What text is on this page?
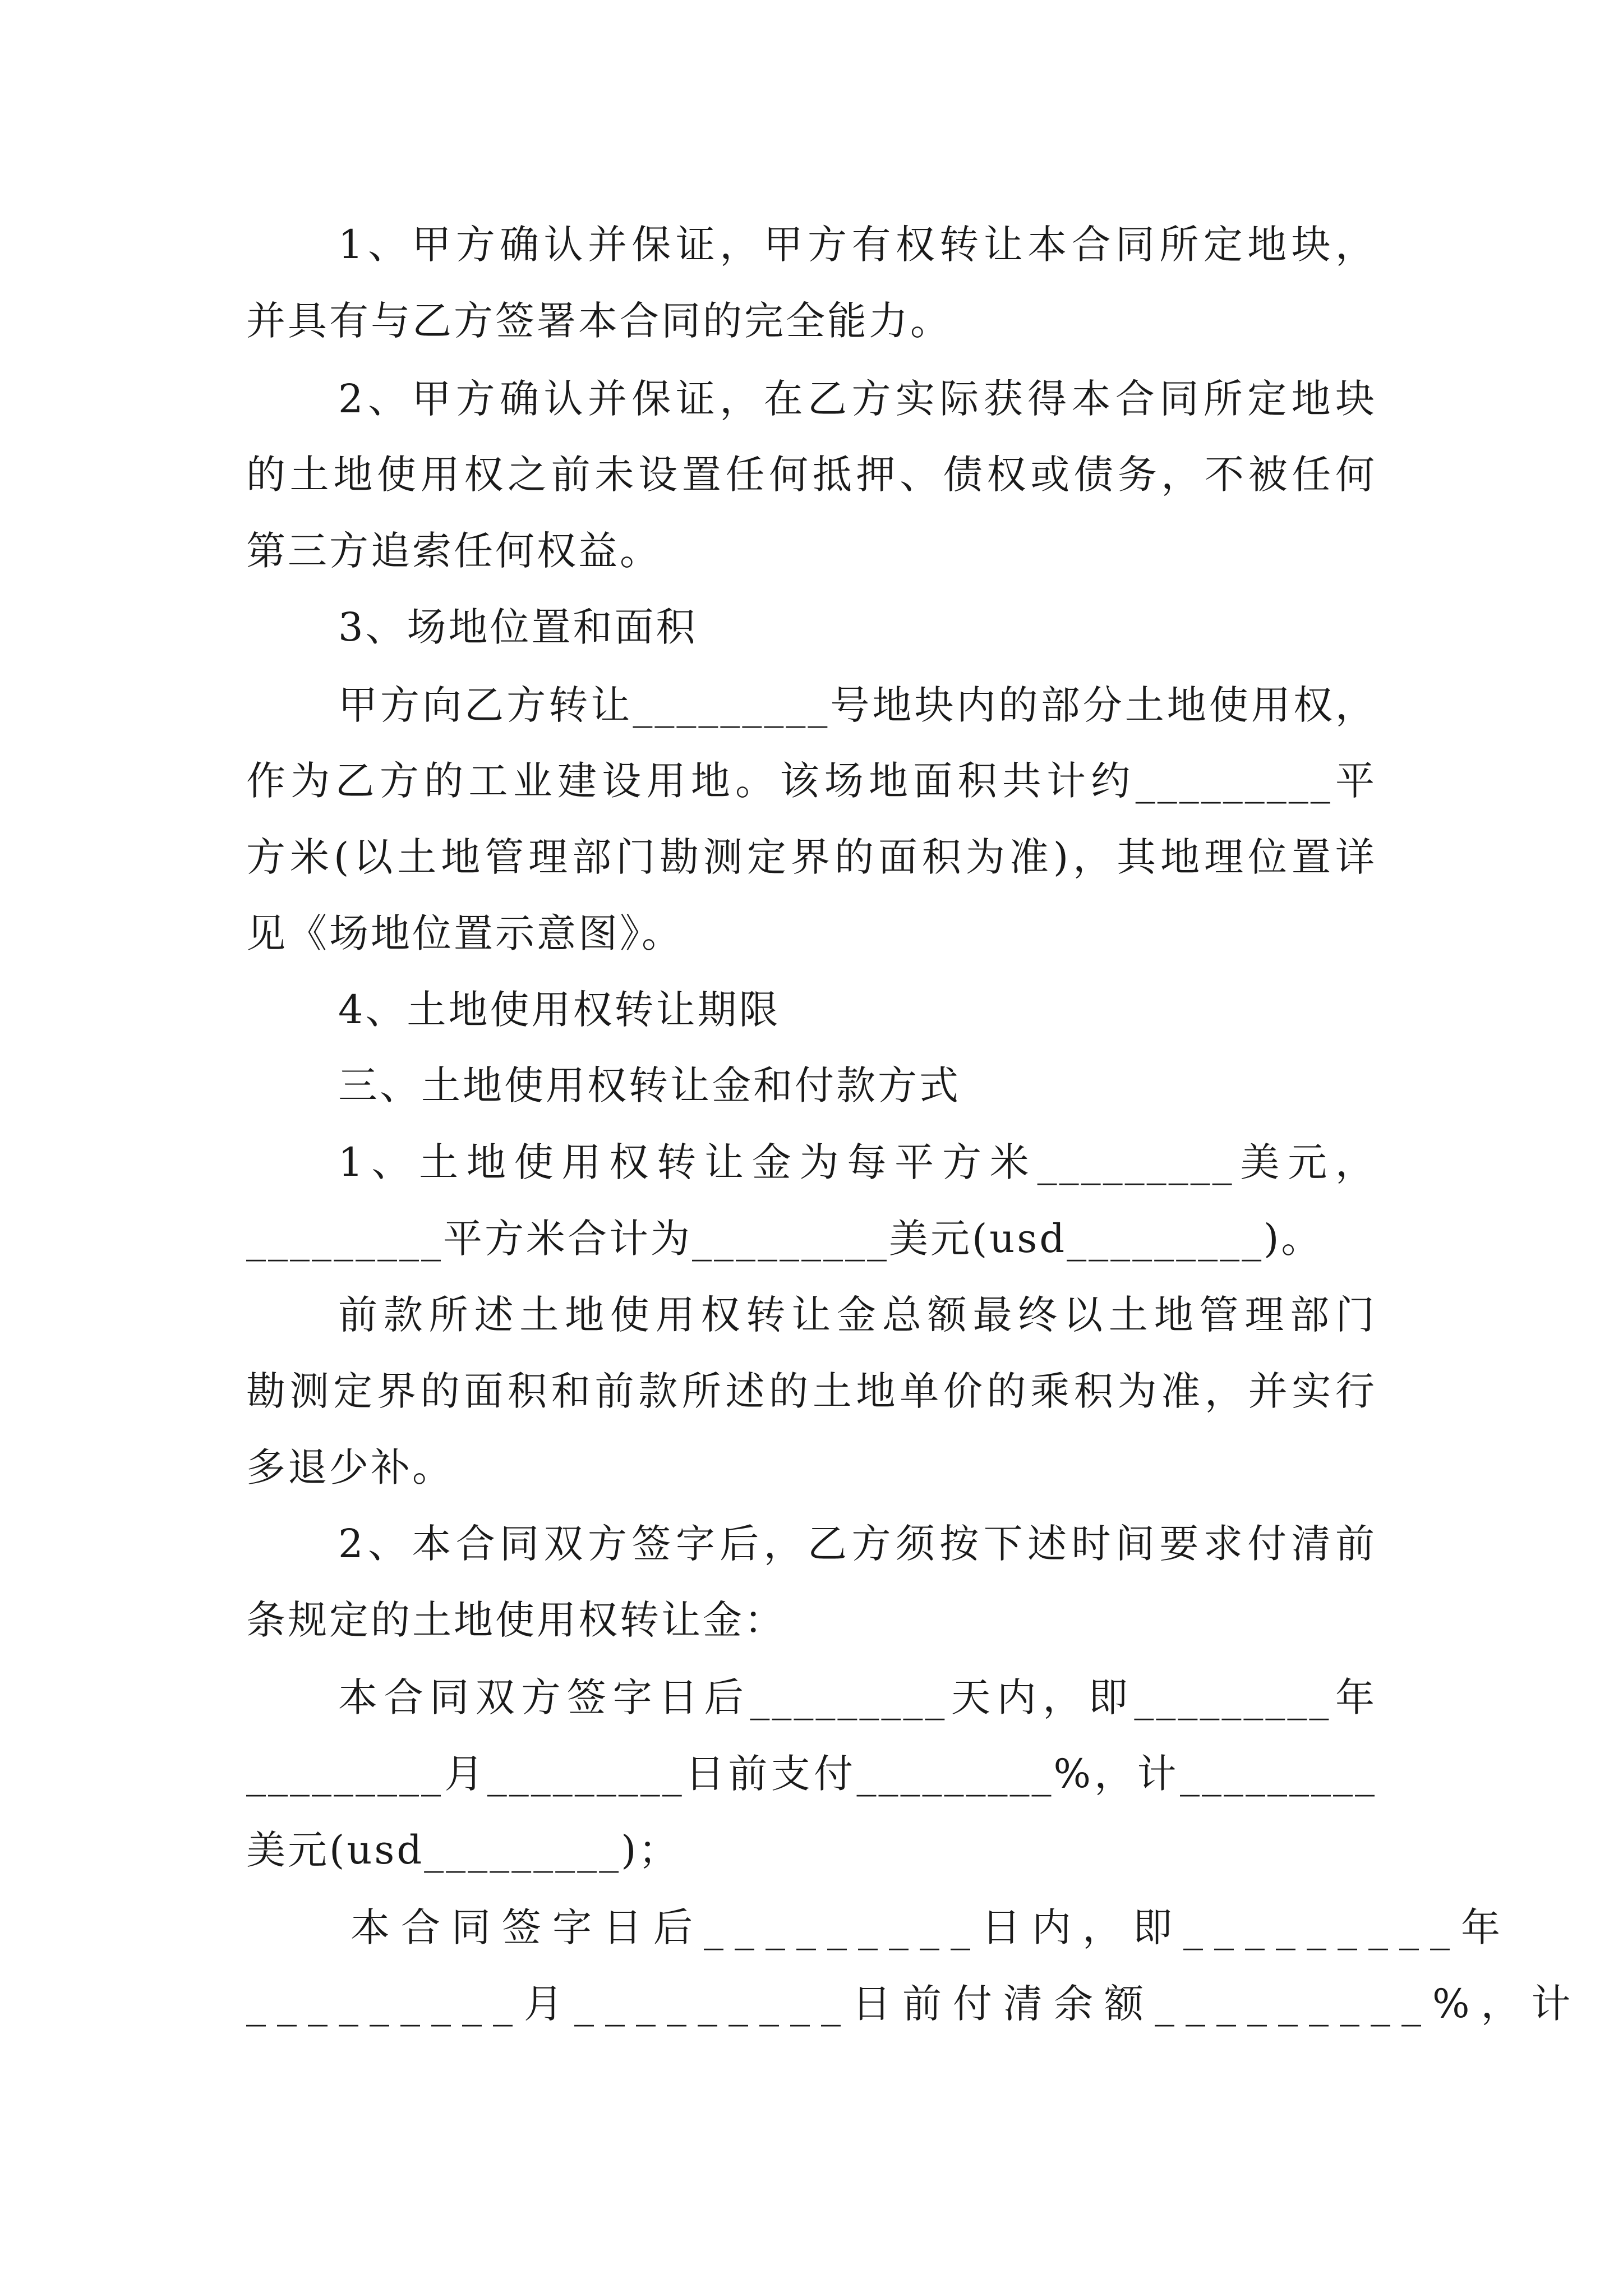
1、甲方确认并保证，甲方有权转让本合同所定地块，
并具有与乙方签署本合同的完全能力。
2、甲方确认并保证，在乙方实际获得本合同所定地块
的土地使用权之前未设置任何抵押、债权或债务，不被任何
第三方追索任何权益。
3、场地位置和面积
甲方向乙方转让_________号地块内的部分土地使用权，
作为乙方的工业建设用地。该场地面积共计约_________平
方米(以土地管理部门勘测定界的面积为准)，其地理位置详
见《场地位置示意图》。
4、土地使用权转让期限
三、土地使用权转让金和付款方式
1、土地使用权转让金为每平方米_________美元，
_________平方米合计为_________美元(usd_________)。
前款所述土地使用权转让金总额最终以土地管理部门
勘测定界的面积和前款所述的土地单价的乘积为准，并实行
多退少补。
2、本合同双方签字后，乙方须按下述时间要求付清前
条规定的土地使用权转让金：
本合同双方签字日后_________天内，即_________年
_________月_________日前支付_________%，计_________
美元(usd_________)；
本合同签字日后_________日内，即_________年
_________月_________日前付清余额_________%，计
